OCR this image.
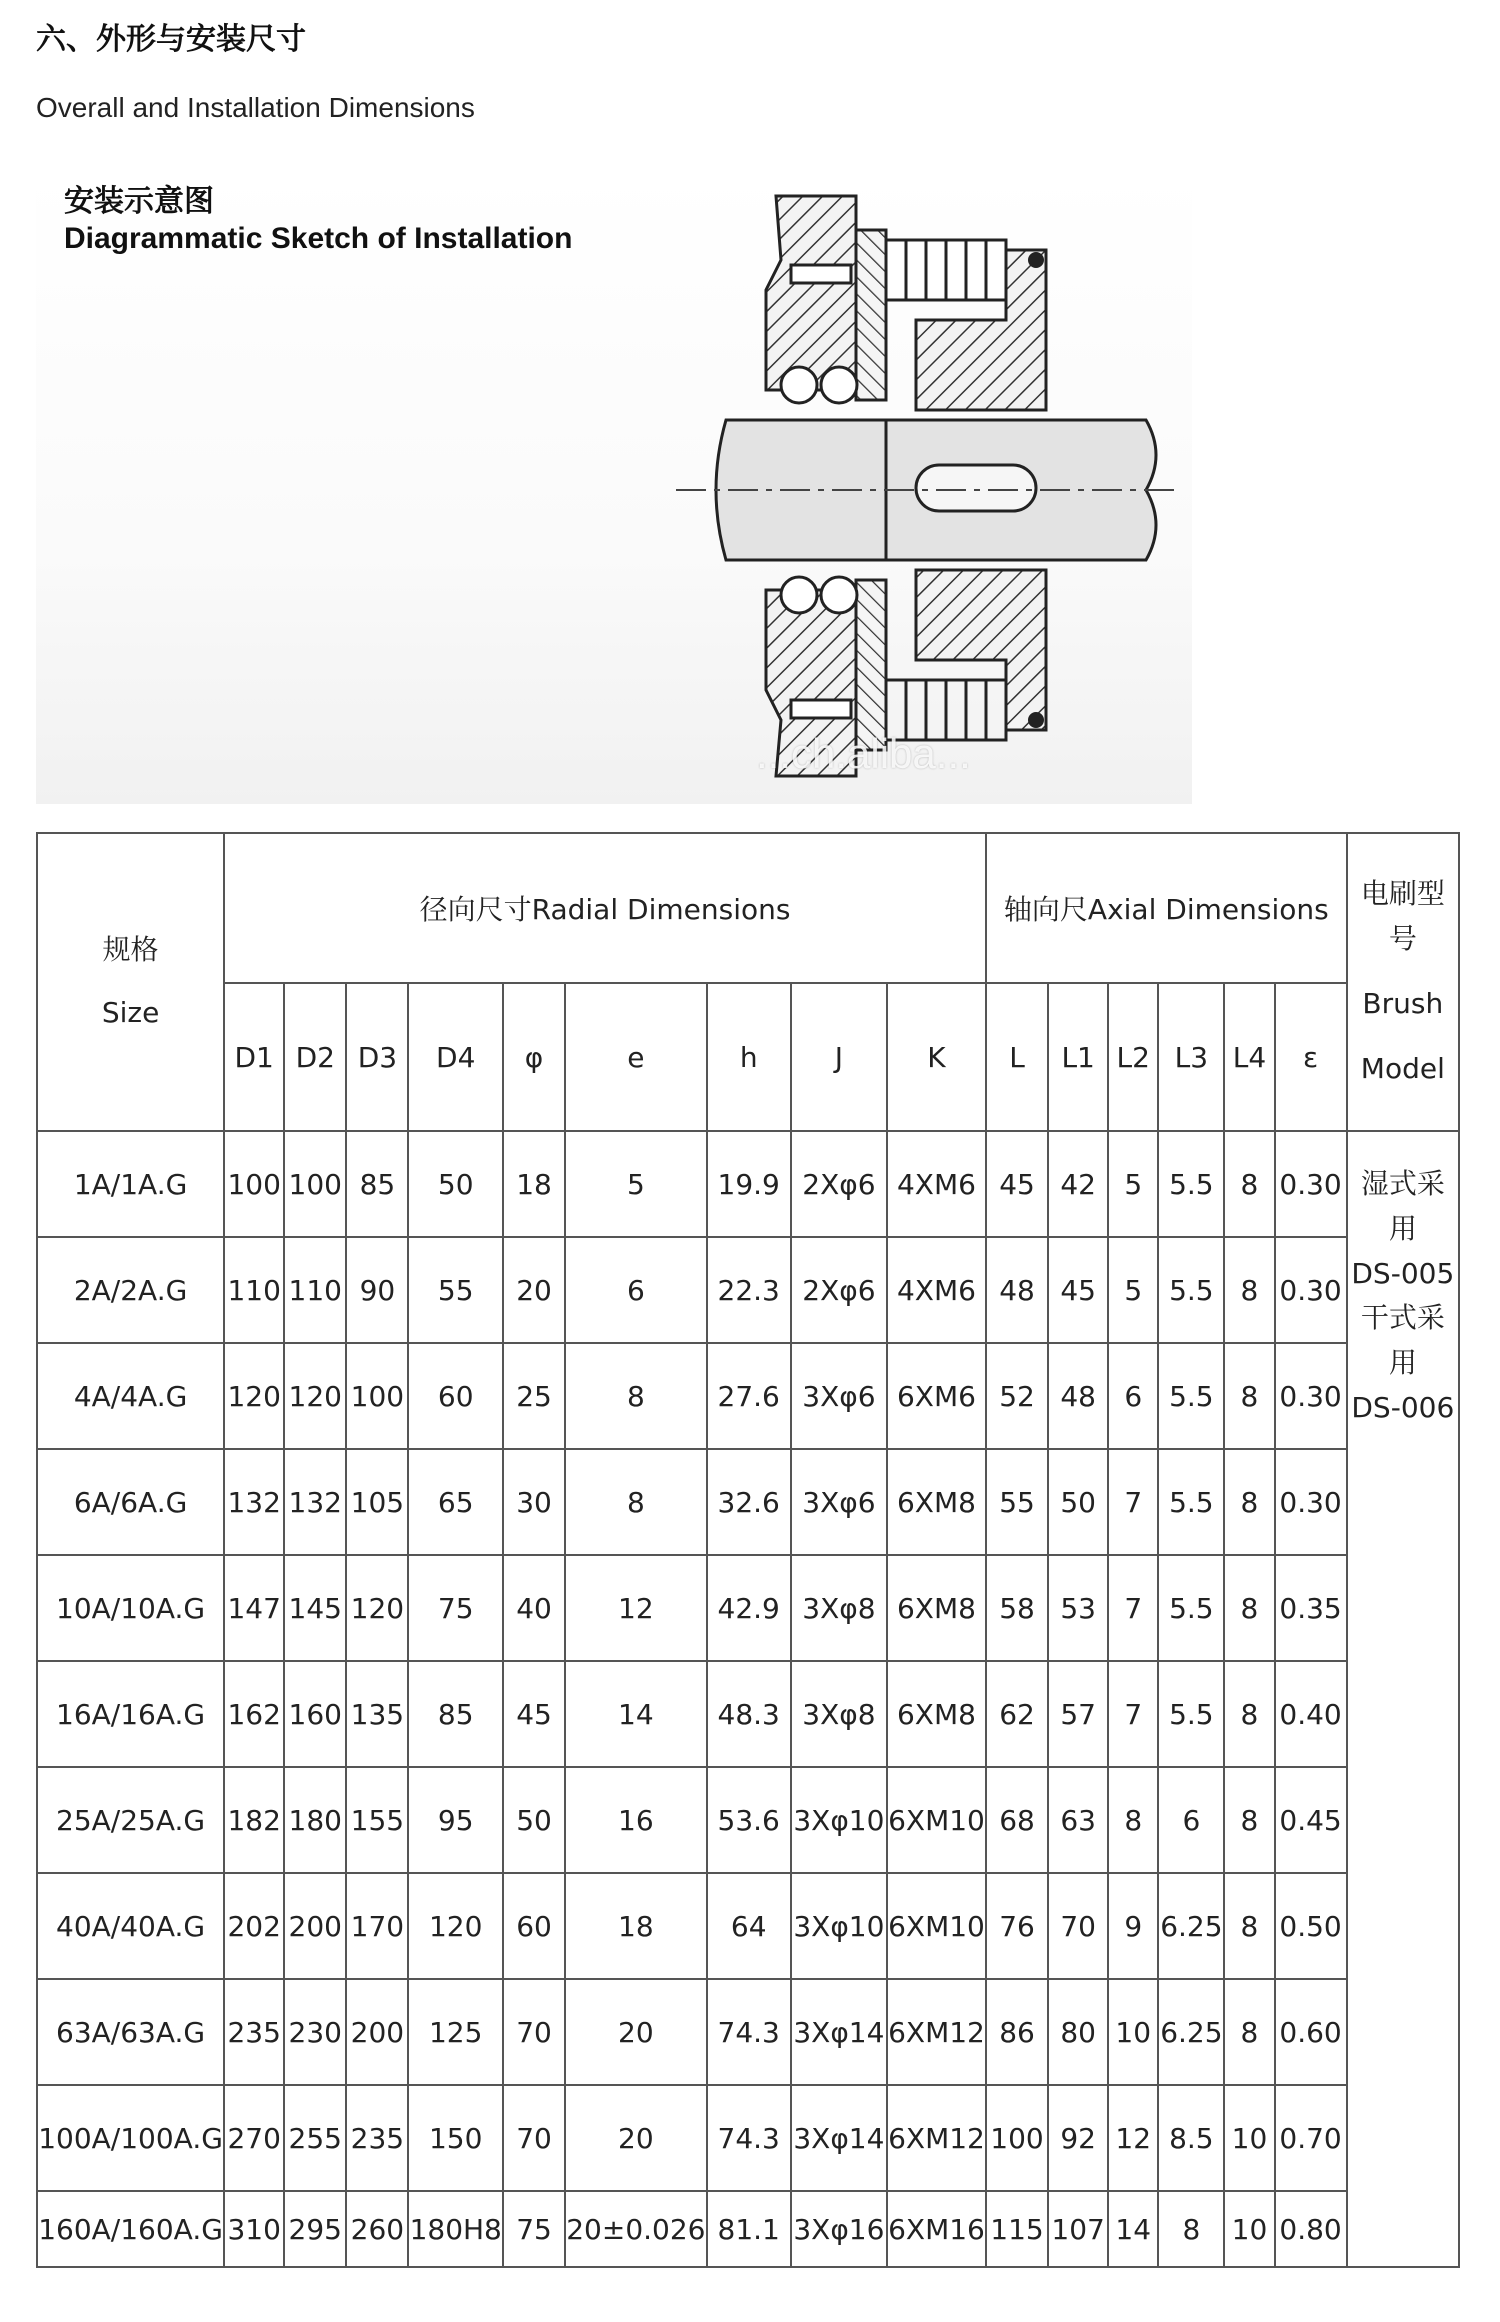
六、外形与安装尺寸
Overall and Installation Dimensions
安装示意图
Diagrammatic Sketch of Installation
...ch.aliba...
规格
Size	径向尺寸Radial Dimensions									轴向尺Axial Dimensions						电刷型号
Brush
Model

	D1	D2	D3	D4	φ	e	h	J	K	L	L1	L2	L3	L4	ε	
1A/1A.G	100	100	85	50	18	5	19.9	2Xφ6	4XM6	45	42	5	5.5	8	0.30	湿式采用
DS-005
干式采用
DS-006

2A/2A.G	110	110	90	55	20	6	22.3	2Xφ6	4XM6	48	45	5	5.5	8	0.30	
4A/4A.G	120	120	100	60	25	8	27.6	3Xφ6	6XM6	52	48	6	5.5	8	0.30	
6A/6A.G	132	132	105	65	30	8	32.6	3Xφ6	6XM8	55	50	7	5.5	8	0.30	
10A/10A.G	147	145	120	75	40	12	42.9	3Xφ8	6XM8	58	53	7	5.5	8	0.35	
16A/16A.G	162	160	135	85	45	14	48.3	3Xφ8	6XM8	62	57	7	5.5	8	0.40	
25A/25A.G	182	180	155	95	50	16	53.6	3Xφ10	6XM10	68	63	8	6	8	0.45	
40A/40A.G	202	200	170	120	60	18	64	3Xφ10	6XM10	76	70	9	6.25	8	0.50	
63A/63A.G	235	230	200	125	70	20	74.3	3Xφ14	6XM12	86	80	10	6.25	8	0.60	
100A/100A.G	270	255	235	150	70	20	74.3	3Xφ14	6XM12	100	92	12	8.5	10	0.70	
160A/160A.G	310	295	260	180H8	75	20±0.026	81.1	3Xφ16	6XM16	115	107	14	8	10	0.80	
